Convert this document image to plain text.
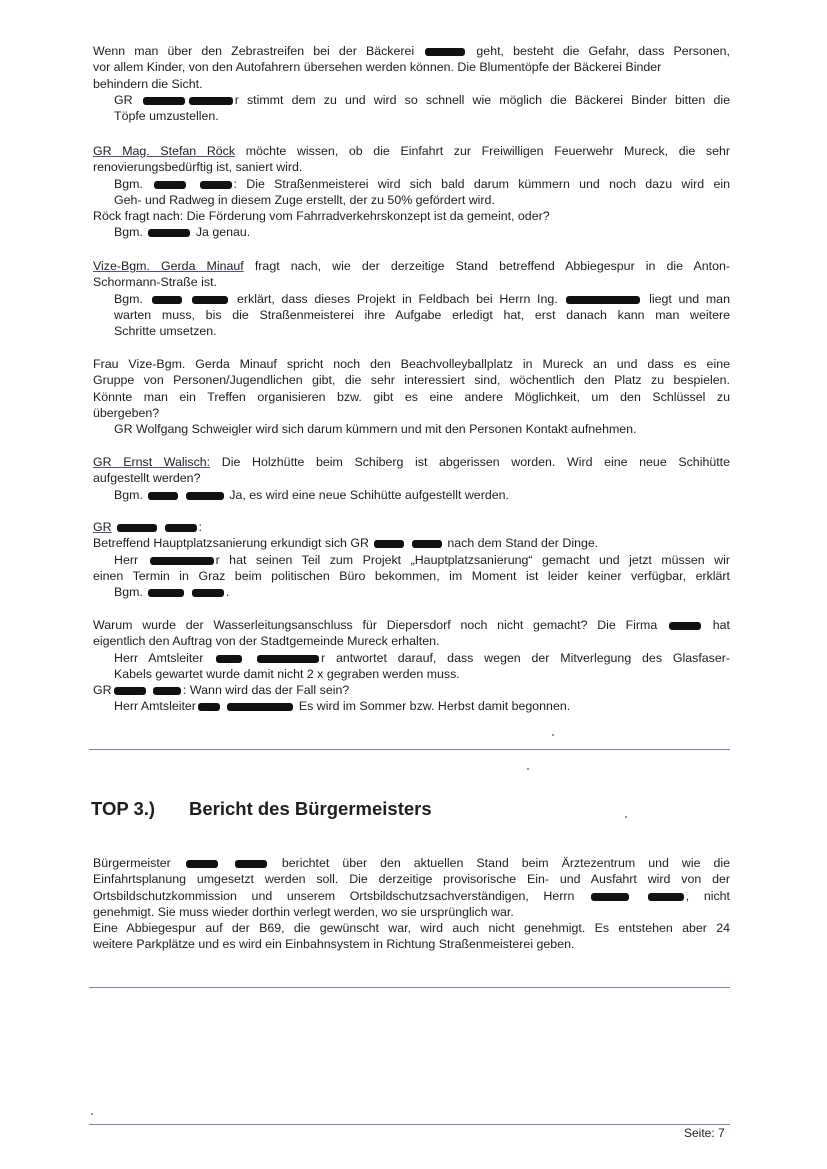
Wenn man über den Zebrastreifen bei der Bäckerei	geht, besteht die Gefahr, dass Personen,
vor allem Kinder, von den Autofahrern übersehen werden können. Die Blumentöpfe der Bäckerei Binder
behindern die Sicht.
GR	r stimmt dem zu und wird so schnell wie möglich die Bäckerei Binder bitten die
Töpfe umzustellen.
GR Mag. Stefan Röck möchte wissen, ob die Einfahrt zur Freiwilligen Feuerwehr Mureck, die sehr
renovierungsbedürftig ist, saniert wird.
Bgm.	: Die Straßenmeisterei wird sich bald darum kümmern und noch dazu wird ein
Geh- und Radweg in diesem Zuge erstellt, der zu 50% gefördert wird.
Röck fragt nach: Die Förderung vom Fahrradverkehrskonzept ist da gemeint, oder?
Bgm.	Ja genau.
Vize-Bgm. Gerda Minauf fragt nach, wie der derzeitige Stand betreffend Abbiegespur in die Anton-
Schormann-Straße ist.
Bgm.	erklärt, dass dieses Projekt in Feldbach bei Herrn Ing.	liegt und man
warten muss, bis die Straßenmeisterei ihre Aufgabe erledigt hat, erst danach kann man weitere
Schritte umsetzen.
Frau Vize-Bgm. Gerda Minauf spricht noch den Beachvolleyballplatz in Mureck an und dass es eine
Gruppe von Personen/Jugendlichen gibt, die sehr interessiert sind, wöchentlich den Platz zu bespielen.
Könnte man ein Treffen organisieren bzw. gibt es eine andere Möglichkeit, um den Schlüssel zu
übergeben?
GR Wolfgang Schweigler wird sich darum kümmern und mit den Personen Kontakt aufnehmen.
GR Ernst Walisch: Die Holzhütte beim Schiberg ist abgerissen worden. Wird eine neue Schihütte
aufgestellt werden?
Bgm.	Ja, es wird eine neue Schihütte aufgestellt werden.
GR	:
Betreffend Hauptplatzsanierung erkundigt sich GR	nach dem Stand der Dinge.
Herr	r hat seinen Teil zum Projekt „Hauptplatzsanierung“ gemacht und jetzt müssen wir
einen Termin in Graz beim politischen Büro bekommen, im Moment ist leider keiner verfügbar, erklärt
Bgm.	.
Warum wurde der Wasserleitungsanschluss für Diepersdorf noch nicht gemacht? Die Firma	hat
eigentlich den Auftrag von der Stadtgemeinde Mureck erhalten.
Herr Amtsleiter	r antwortet darauf, dass wegen der Mitverlegung des Glasfaser-
Kabels gewartet wurde damit nicht 2 x gegraben werden muss.
GR	: Wann wird das der Fall sein?
Herr Amtsleiter	Es wird im Sommer bzw. Herbst damit begonnen.
TOP 3.) Bericht des Bürgermeisters
Bürgermeister	berichtet über den aktuellen Stand beim Ärztezentrum und wie die
Einfahrtsplanung umgesetzt werden soll. Die derzeitige provisorische Ein- und Ausfahrt wird von der
Ortsbildschutzkommission und unserem Ortsbildschutzsachverständigen, Herrn	, nicht
genehmigt. Sie muss wieder dorthin verlegt werden, wo sie ursprünglich war.
Eine Abbiegespur auf der B69, die gewünscht war, wird auch nicht genehmigt. Es entstehen aber 24
weitere Parkplätze und es wird ein Einbahnsystem in Richtung Straßenmeisterei geben.
Seite: 7
